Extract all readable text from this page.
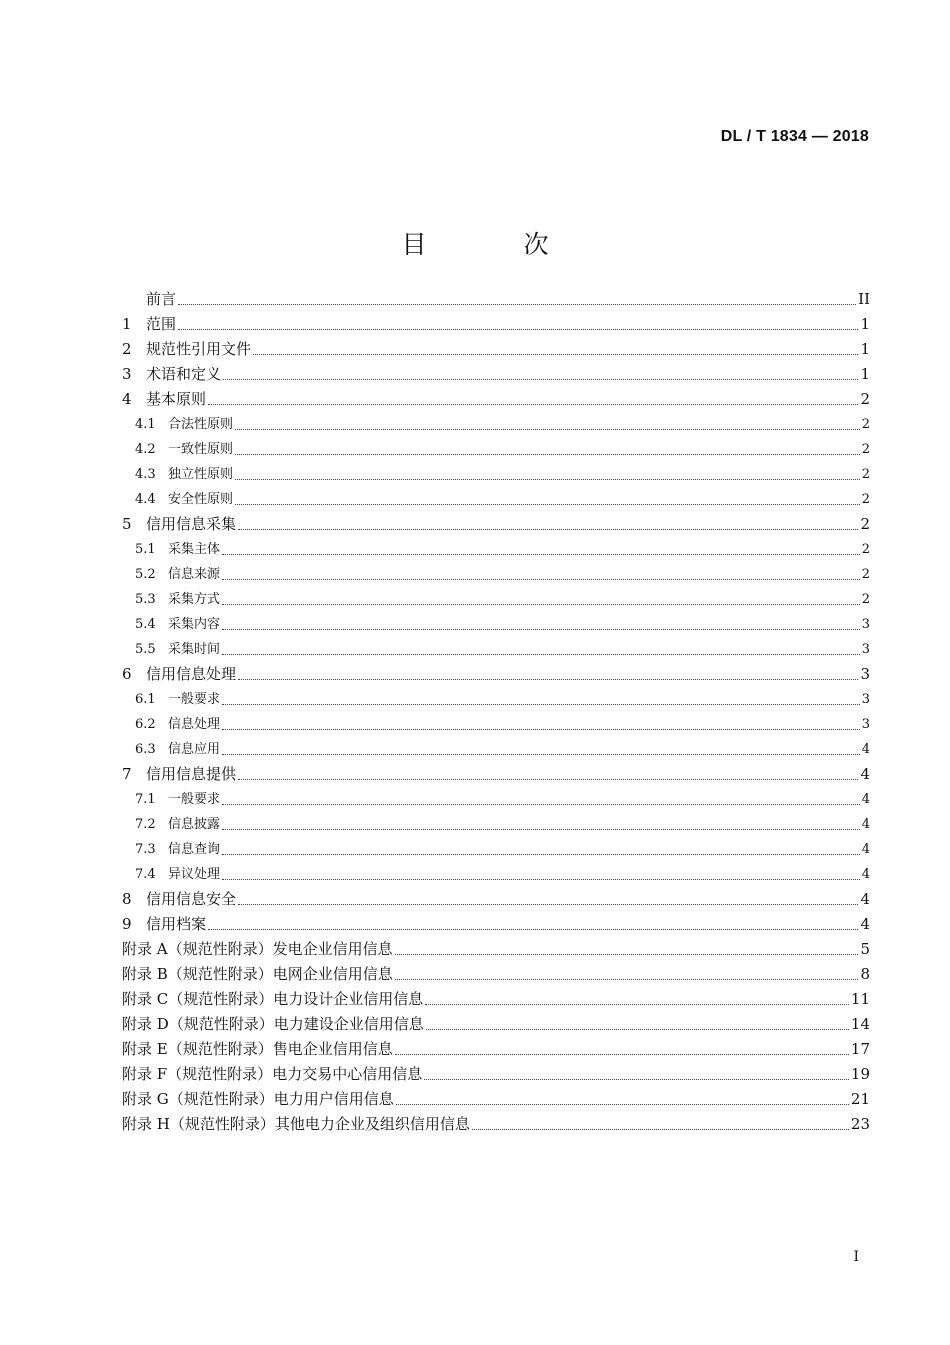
DL / T 1834 — 2018
目　次
前言	II
1 范围	1
2 规范性引用文件	1
3 术语和定义	1
4 基本原则	2
4.1 合法性原则	2
4.2 一致性原则	2
4.3 独立性原则	2
4.4 安全性原则	2
5 信用信息采集	2
5.1 采集主体	2
5.2 信息来源	2
5.3 采集方式	2
5.4 采集内容	3
5.5 采集时间	3
6 信用信息处理	3
6.1 一般要求	3
6.2 信息处理	3
6.3 信息应用	4
7 信用信息提供	4
7.1 一般要求	4
7.2 信息披露	4
7.3 信息查询	4
7.4 异议处理	4
8 信用信息安全	4
9 信用档案	4
附录 A（规范性附录） 发电企业信用信息	5
附录 B（规范性附录） 电网企业信用信息	8
附录 C（规范性附录） 电力设计企业信用信息	11
附录 D（规范性附录） 电力建设企业信用信息	14
附录 E（规范性附录） 售电企业信用信息	17
附录 F（规范性附录） 电力交易中心信用信息	19
附录 G（规范性附录） 电力用户信用信息	21
附录 H（规范性附录） 其他电力企业及组织信用信息	23
I
